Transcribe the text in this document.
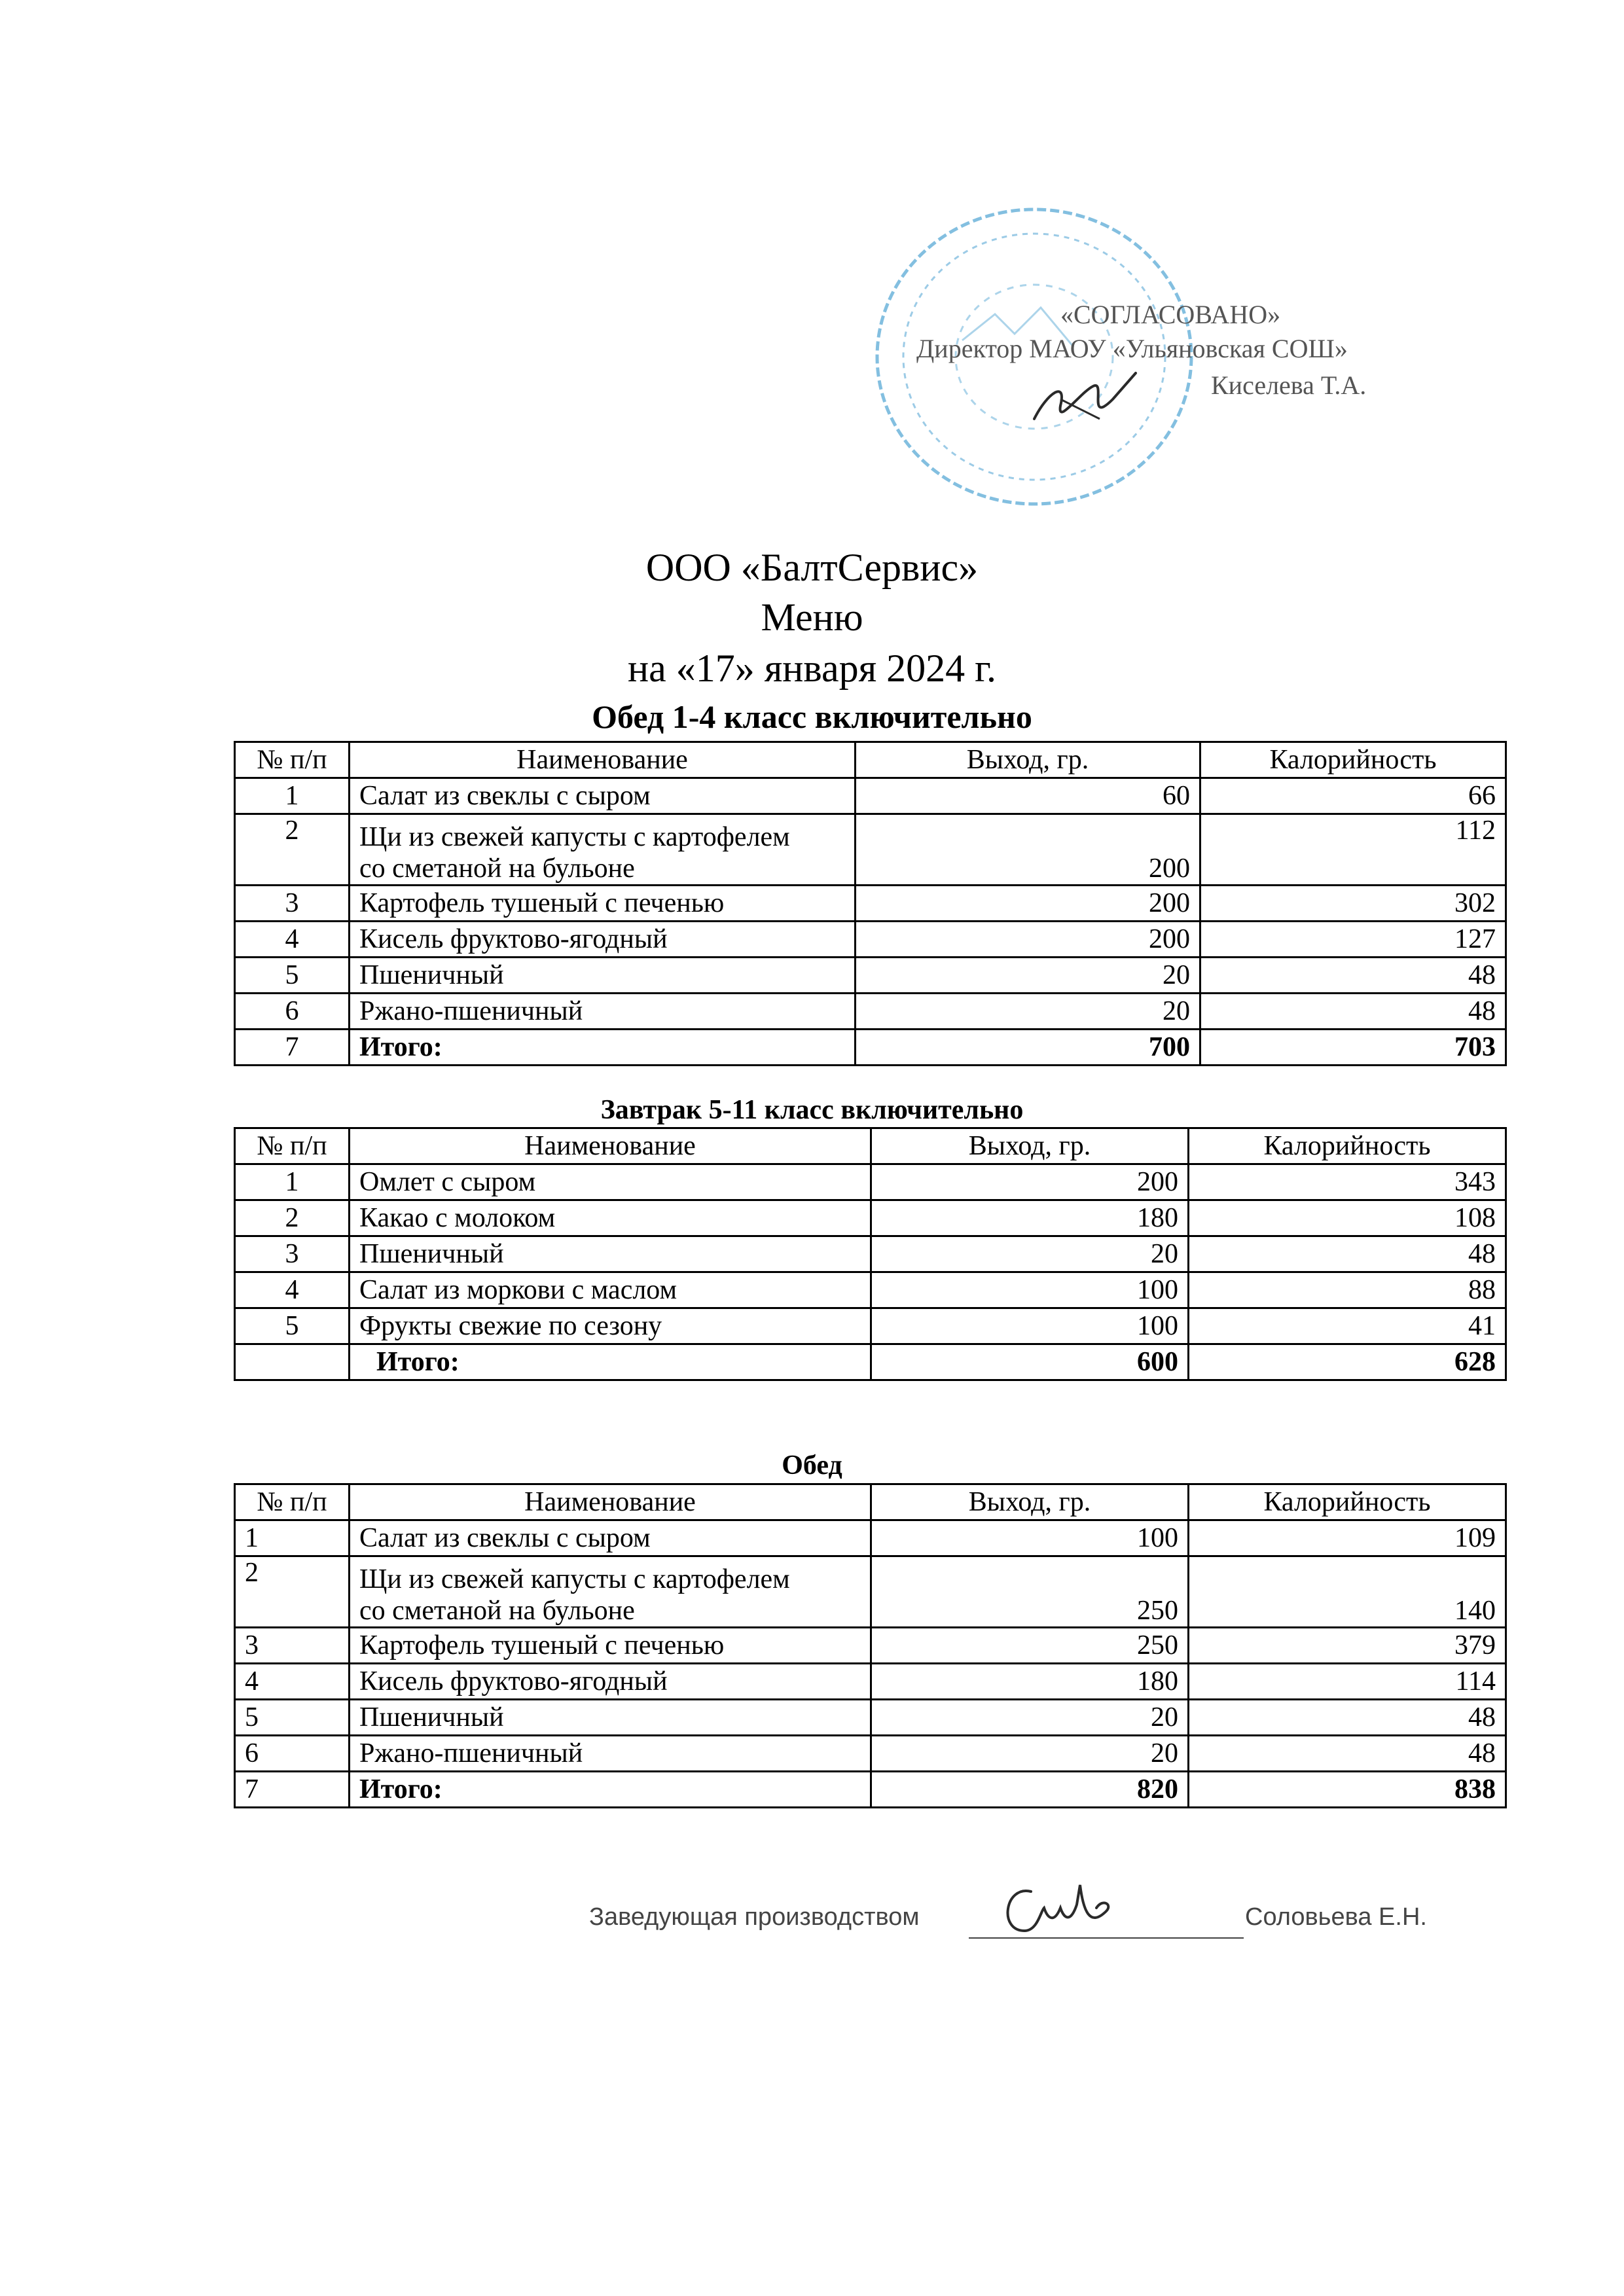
«СОГЛАСОВАНО»
Директор МАОУ «Ульяновская СОШ»
Киселева Т.А.
ООО «БалтСервис»
Меню
на «17» января 2024 г.
Обед 1-4 класс включительно
№ п/п	Наименование	Выход, гр.	Калорийность
1	Салат из свеклы с сыром	60	66
2	Щи из свежей капусты с картофелем
со сметаной на бульоне	200	112
3	Картофель тушеный с печенью	200	302
4	Кисель фруктово-ягодный	200	127
5	Пшеничный	20	48
6	Ржано-пшеничный	20	48
7	Итого:	700	703
Завтрак 5-11 класс включительно
№ п/п	Наименование	Выход, гр.	Калорийность
1	Омлет с сыром	200	343
2	Какао с молоком	180	108
3	Пшеничный	20	48
4	Салат из моркови с маслом	100	88
5	Фрукты свежие по сезону	100	41
	Итого:	600	628
Обед
№ п/п	Наименование	Выход, гр.	Калорийность
1	Салат из свеклы с сыром	100	109
2	Щи из свежей капусты с картофелем
со сметаной на бульоне	250	140
3	Картофель тушеный с печенью	250	379
4	Кисель фруктово-ягодный	180	114
5	Пшеничный	20	48
6	Ржано-пшеничный	20	48
7	Итого:	820	838
Заведующая производством	Соловьева Е.Н.
